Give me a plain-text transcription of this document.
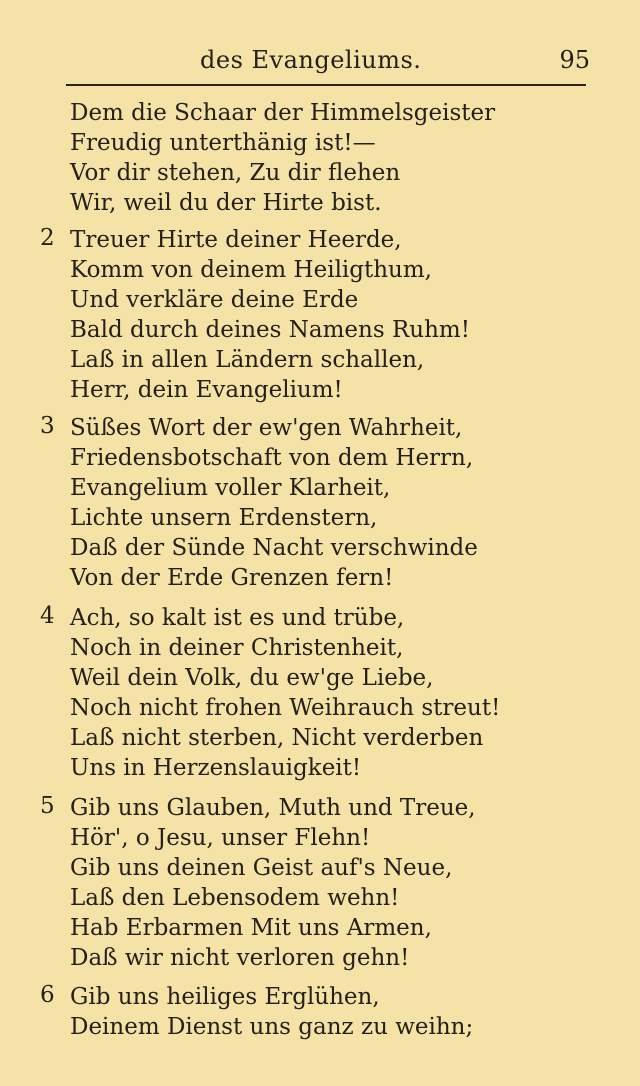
des Evangeliums.	95
Dem die Schaar der Himmelsgeister
Freudig unterthänig ist!—
Vor dir stehen, Zu dir flehen
Wir, weil du der Hirte bist.
2 Treuer Hirte deiner Heerde,
Komm von deinem Heiligthum,
Und verkläre deine Erde
Bald durch deines Namens Ruhm!
Laß in allen Ländern schallen,
Herr, dein Evangelium!
3 Süßes Wort der ew'gen Wahrheit,
Friedensbotschaft von dem Herrn,
Evangelium voller Klarheit,
Lichte unsern Erdenstern,
Daß der Sünde Nacht verschwinde
Von der Erde Grenzen fern!
4 Ach, so kalt ist es und trübe,
Noch in deiner Christenheit,
Weil dein Volk, du ew'ge Liebe,
Noch nicht frohen Weihrauch streut!
Laß nicht sterben, Nicht verderben
Uns in Herzenslauigkeit!
5 Gib uns Glauben, Muth und Treue,
Hör', o Jesu, unser Flehn!
Gib uns deinen Geist auf's Neue,
Laß den Lebensodem wehn!
Hab Erbarmen Mit uns Armen,
Daß wir nicht verloren gehn!
6 Gib uns heiliges Erglühen,
Deinem Dienst uns ganz zu weihn;
